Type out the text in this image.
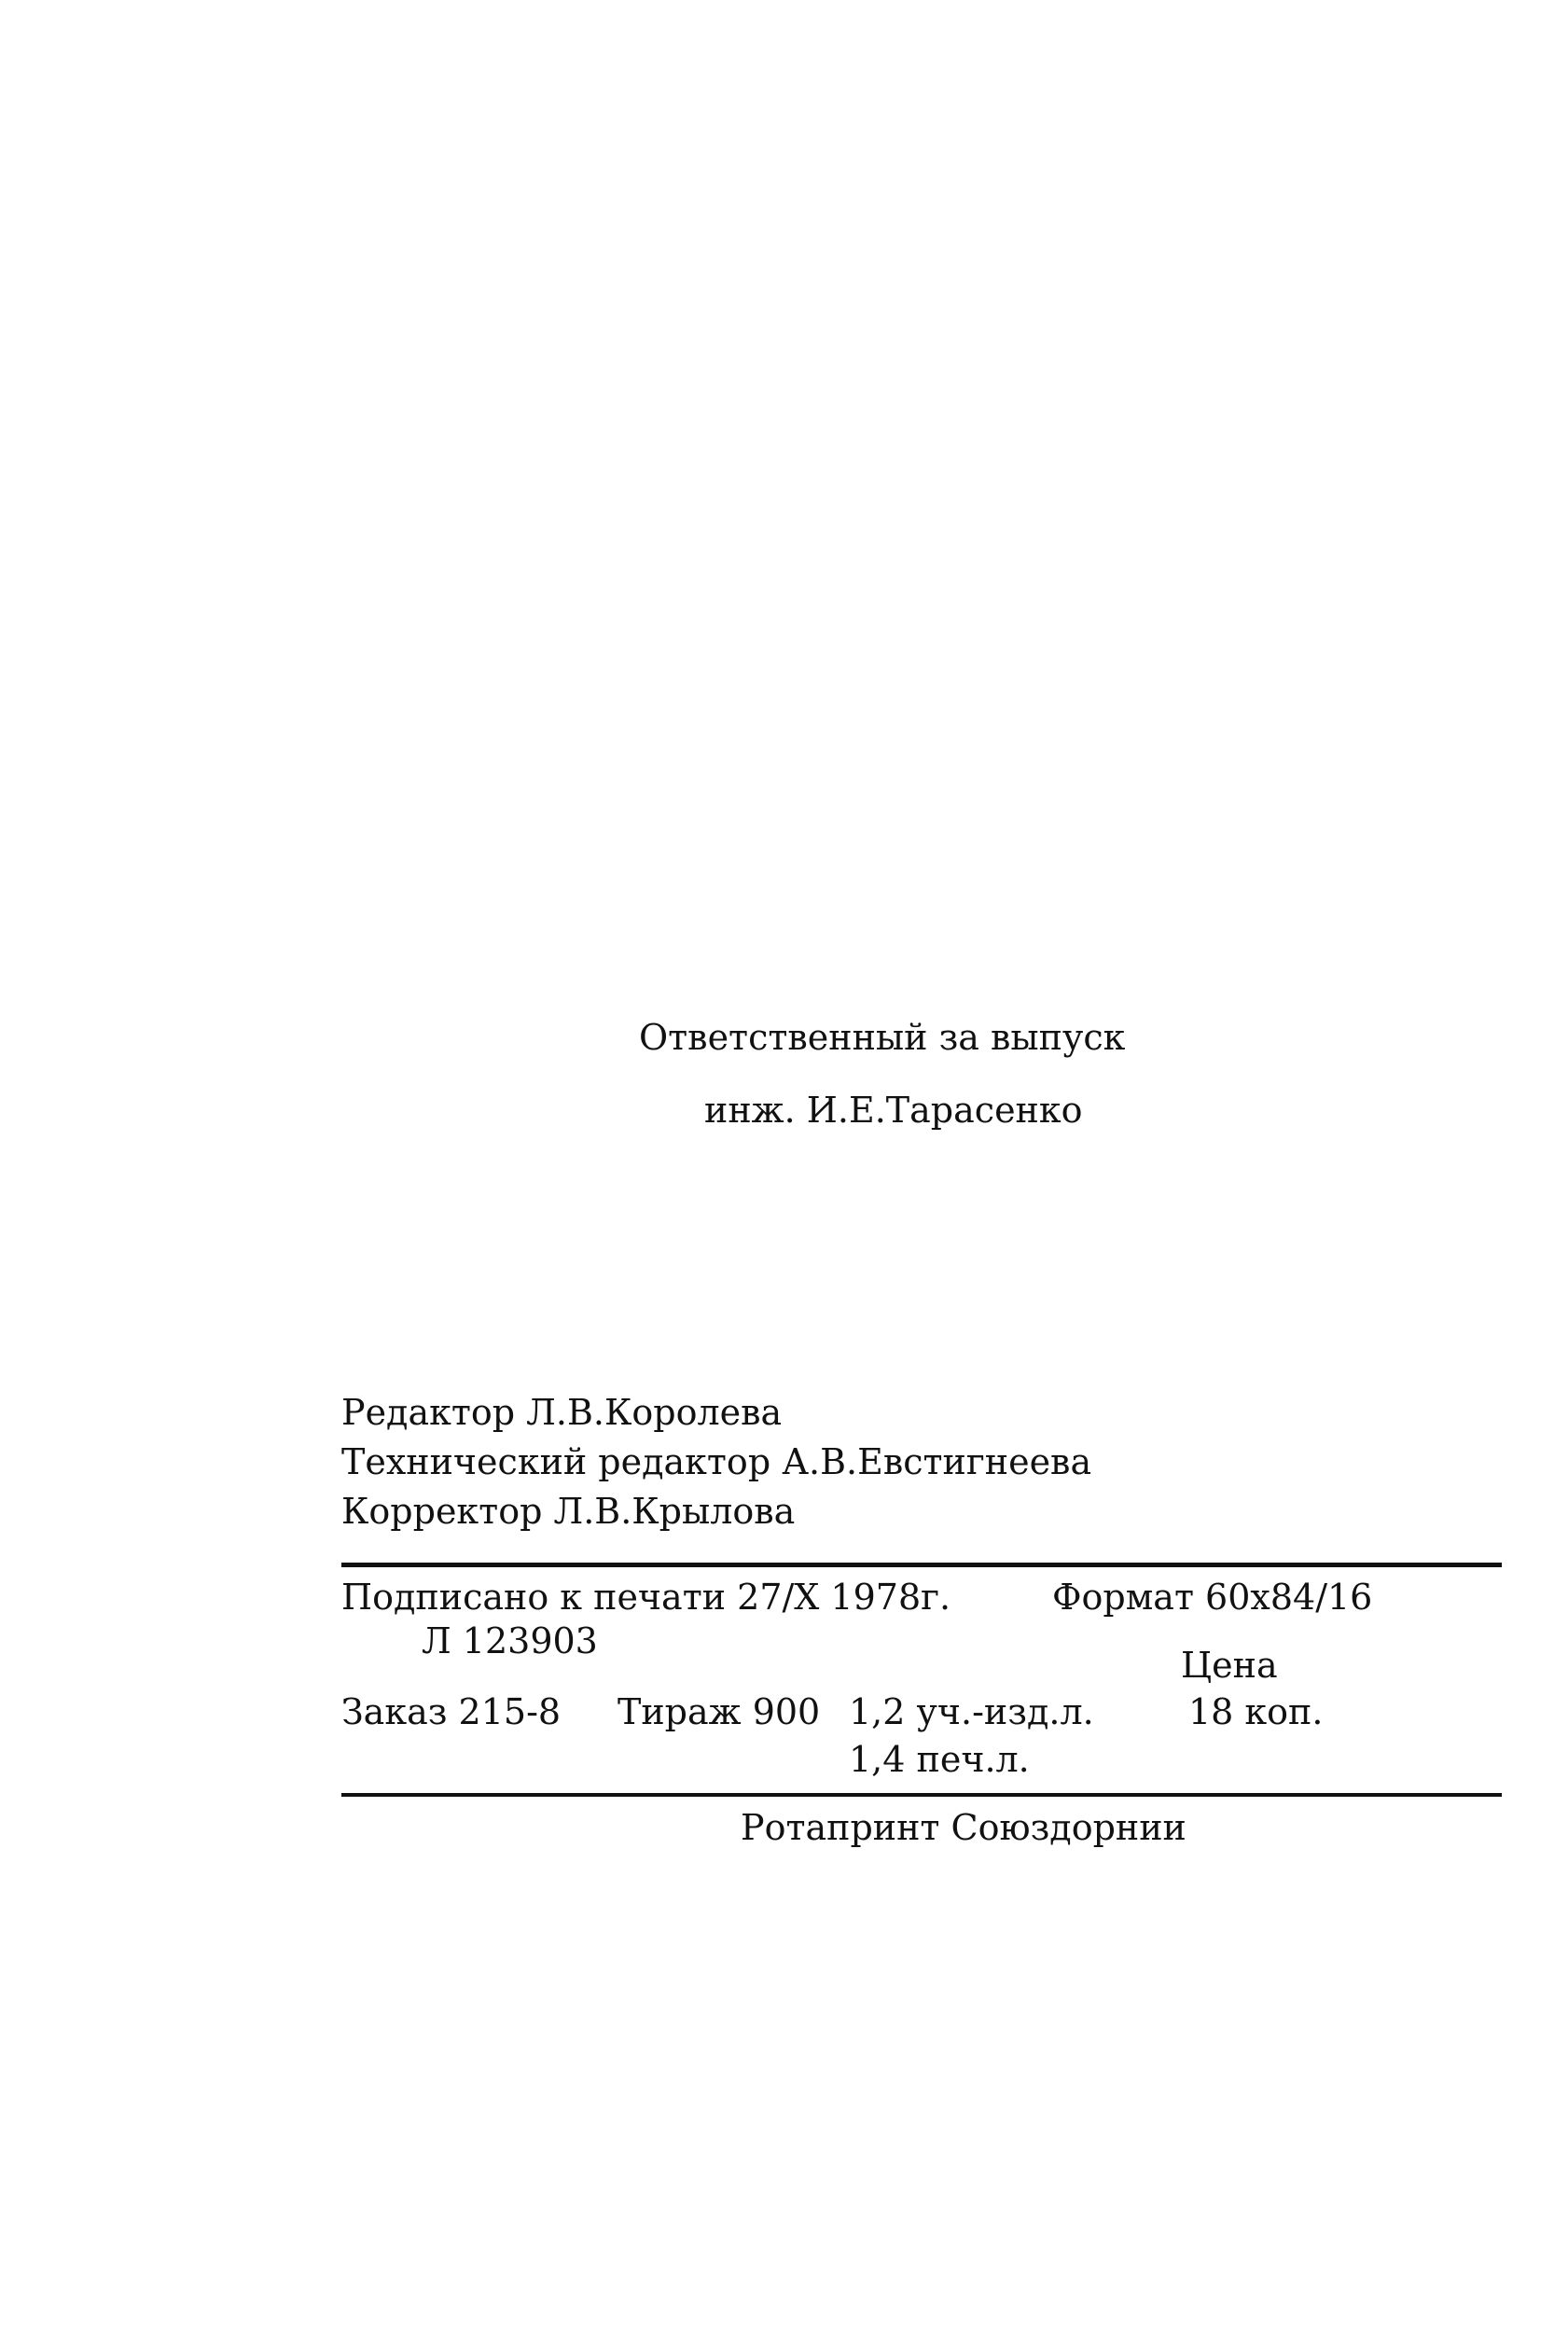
Ответственный за выпуск
инж. И.Е.Тарасенко
Редактор Л.В.Королева
Технический редактор А.В.Евстигнеева
Корректор Л.В.Крылова
Подписано к печати 27/Х 1978г.	Формат 60х84/16
Л 123903
Цена
Заказ 215-8 Тираж 900 1,2 уч.-изд.л.	18 коп.
1,4 печ.л.
Ротапринт Союздорнии
